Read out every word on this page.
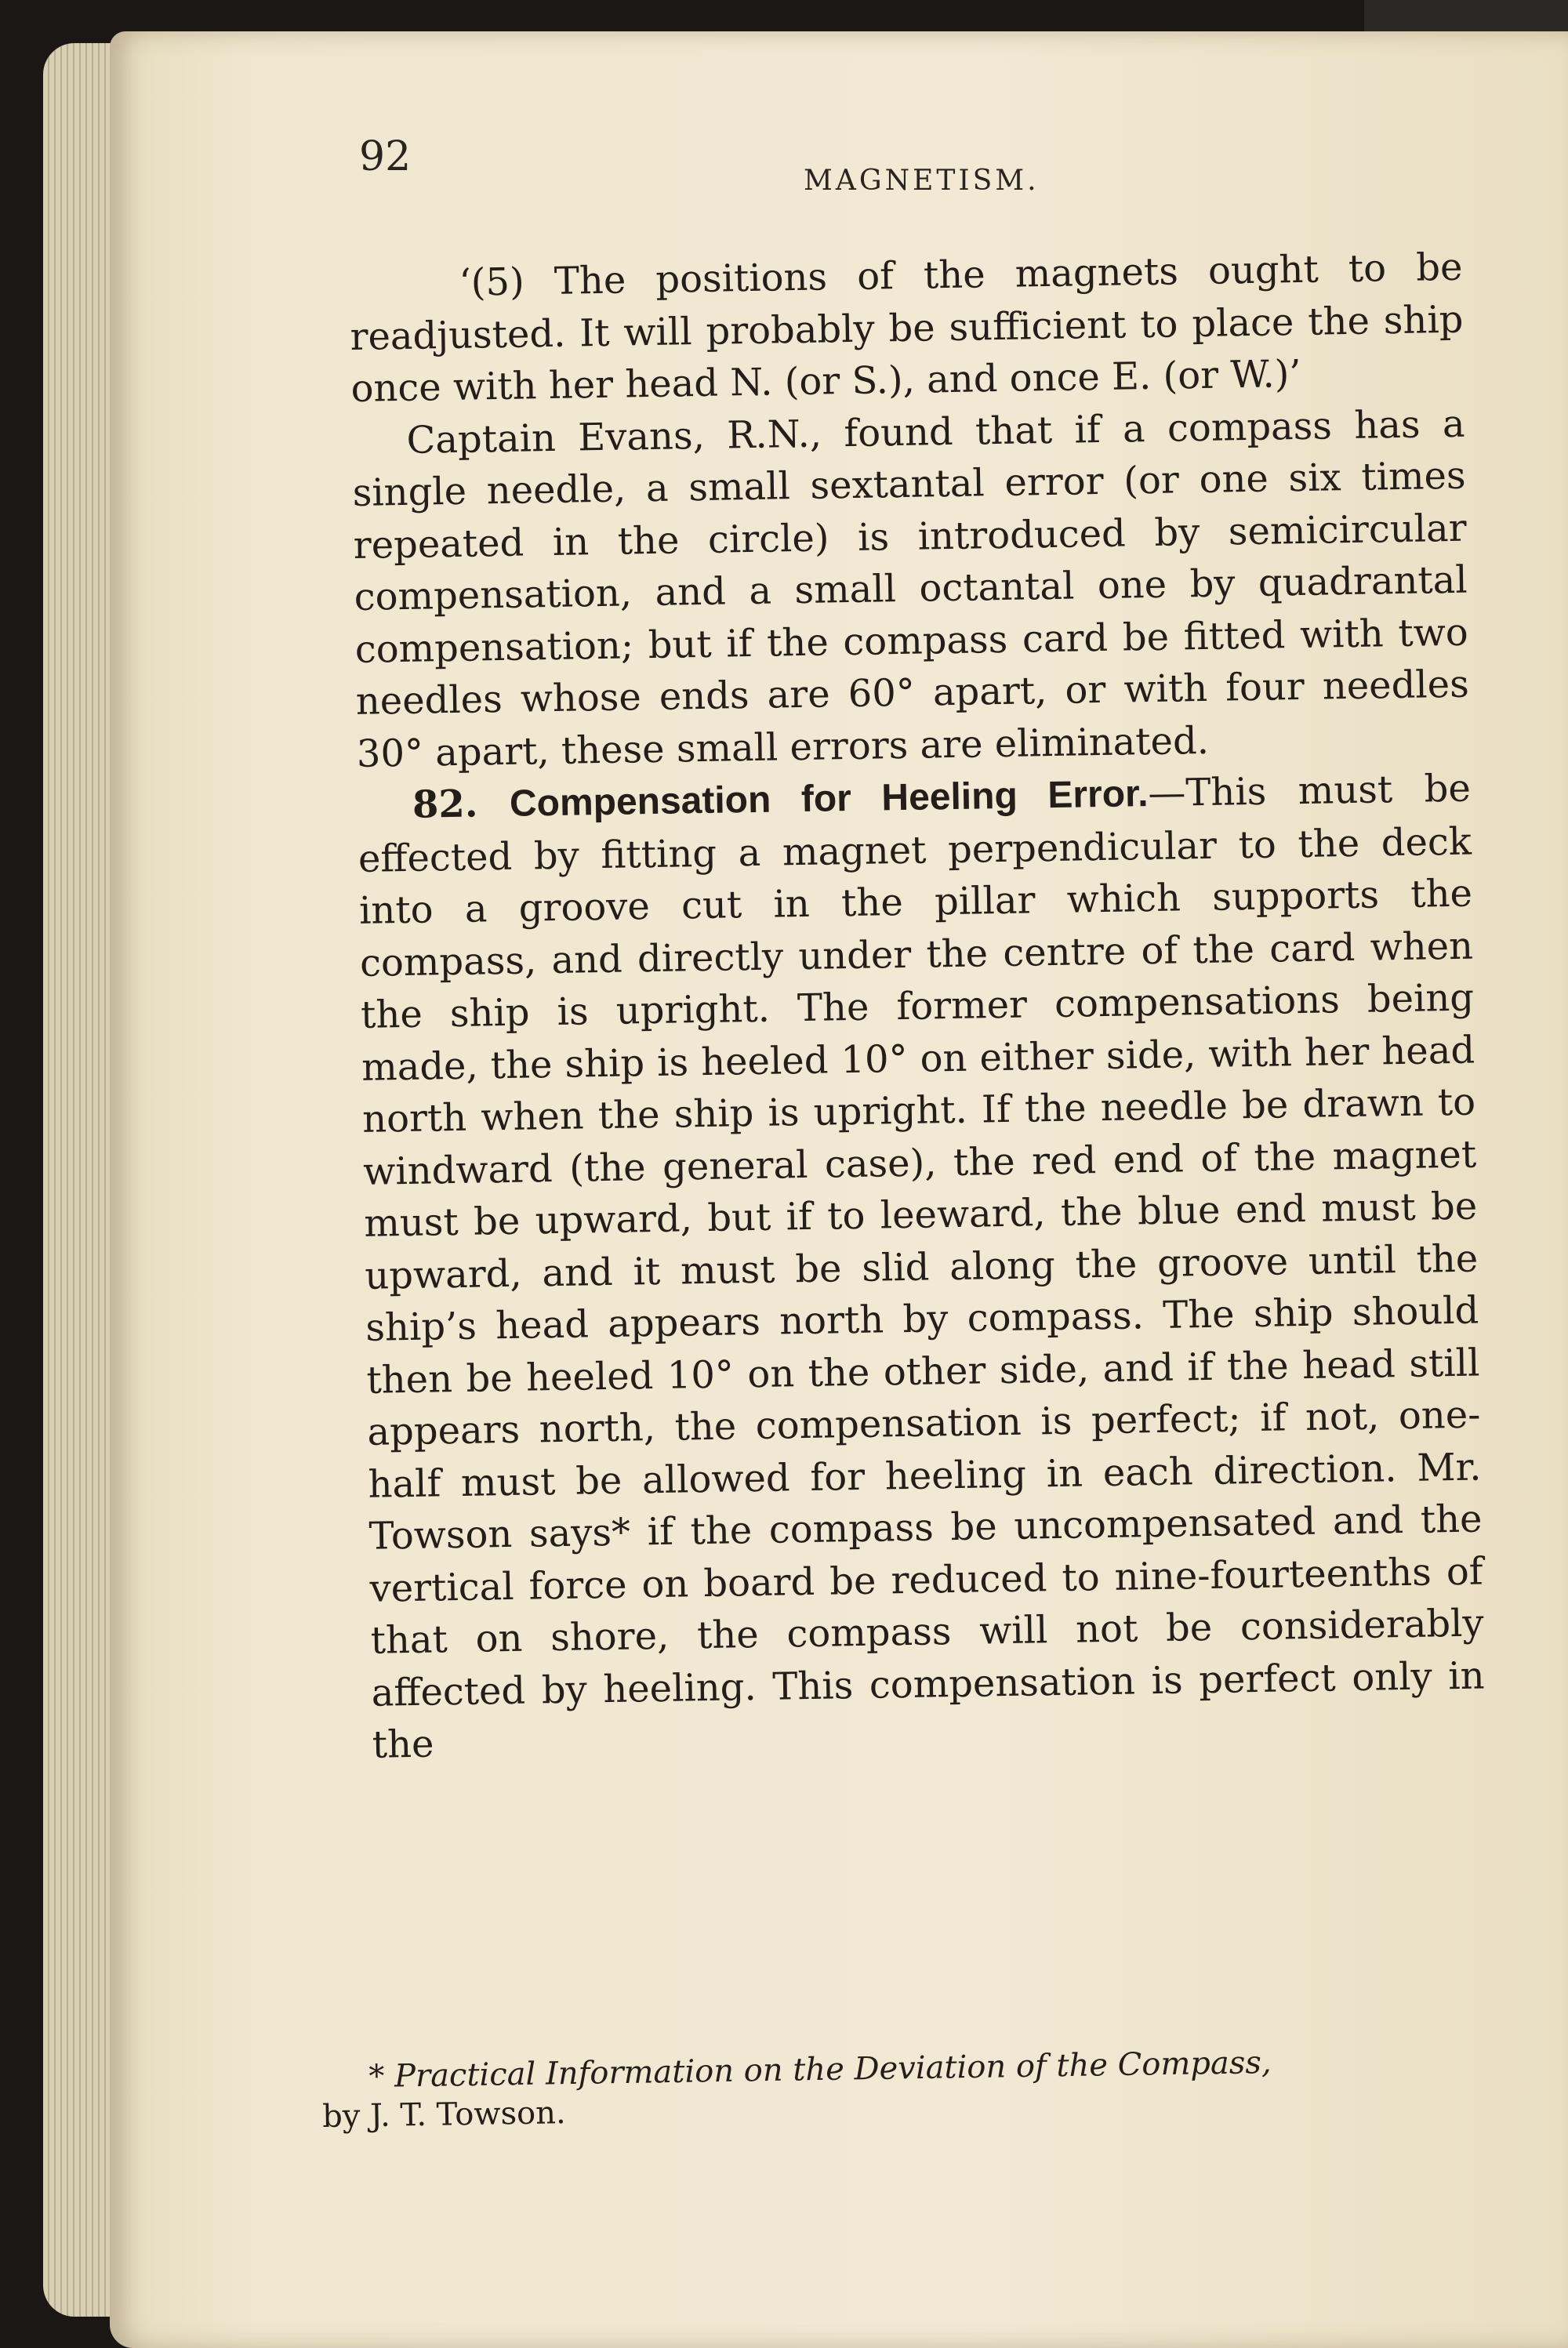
92
MAGNETISM.

‘(5) The positions of the magnets ought to be readjusted. It will probably be sufficient to place the ship once with her head N. (or S.), and once E. (or W.)’

Captain Evans, R.N., found that if a compass has a single needle, a small sextantal error (or one six times repeated in the circle) is introduced by semicircular compensation, and a small octantal one by quadrantal compensation; but if the compass card be fitted with two needles whose ends are 60° apart, or with four needles 30° apart, these small errors are eliminated.

82. Compensation for Heeling Error.—This must be effected by fitting a magnet perpendicular to the deck into a groove cut in the pillar which supports the compass, and directly under the centre of the card when the ship is upright. The former compensations being made, the ship is heeled 10° on either side, with her head north when the ship is upright. If the needle be drawn to windward (the general case), the red end of the magnet must be upward, but if to leeward, the blue end must be upward, and it must be slid along the groove until the ship’s head appears north by compass. The ship should then be heeled 10° on the other side, and if the head still appears north, the compensation is perfect; if not, one-half must be allowed for heeling in each direction. Mr. Towson says* if the compass be uncompensated and the vertical force on board be reduced to nine-fourteenths of that on shore, the compass will not be considerably affected by heeling. This compensation is perfect only in the

* Practical Information on the Deviation of the Compass,
by J. T. Towson.
